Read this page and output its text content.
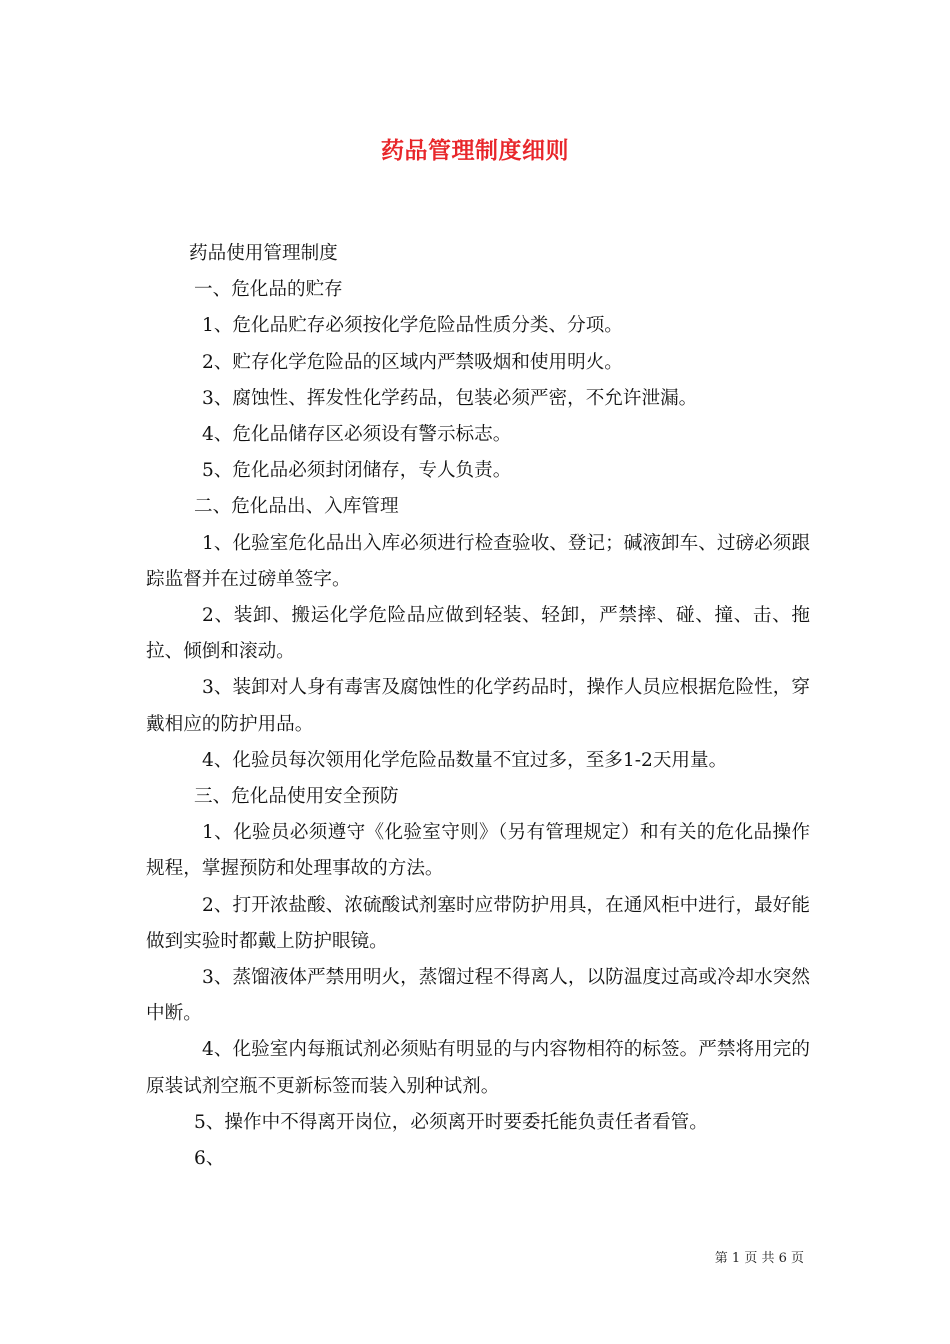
药品管理制度细则

药品使用管理制度

一、危化品的贮存

1、危化品贮存必须按化学危险品性质分类、分项。

2、贮存化学危险品的区域内严禁吸烟和使用明火。

3、腐蚀性、挥发性化学药品，包装必须严密，不允许泄漏。

4、危化品储存区必须设有警示标志。

5、危化品必须封闭储存，专人负责。

二、危化品出、入库管理

1、化验室危化品出入库必须进行检查验收、登记；碱液卸车、过磅必须跟踪监督并在过磅单签字。

2、装卸、搬运化学危险品应做到轻装、轻卸，严禁摔、碰、撞、击、拖拉、倾倒和滚动。

3、装卸对人身有毒害及腐蚀性的化学药品时，操作人员应根据危险性，穿戴相应的防护用品。

4、化验员每次领用化学危险品数量不宜过多，至多1-2天用量。

三、危化品使用安全预防

1、化验员必须遵守《化验室守则》（另有管理规定）和有关的危化品操作规程，掌握预防和处理事故的方法。

2、打开浓盐酸、浓硫酸试剂塞时应带防护用具，在通风柜中进行，最好能做到实验时都戴上防护眼镜。

3、蒸馏液体严禁用明火，蒸馏过程不得离人，以防温度过高或冷却水突然中断。

4、化验室内每瓶试剂必须贴有明显的与内容物相符的标签。严禁将用完的原装试剂空瓶不更新标签而装入别种试剂。

5、操作中不得离开岗位，必须离开时要委托能负责任者看管。

6、

第 1 页 共 6 页
